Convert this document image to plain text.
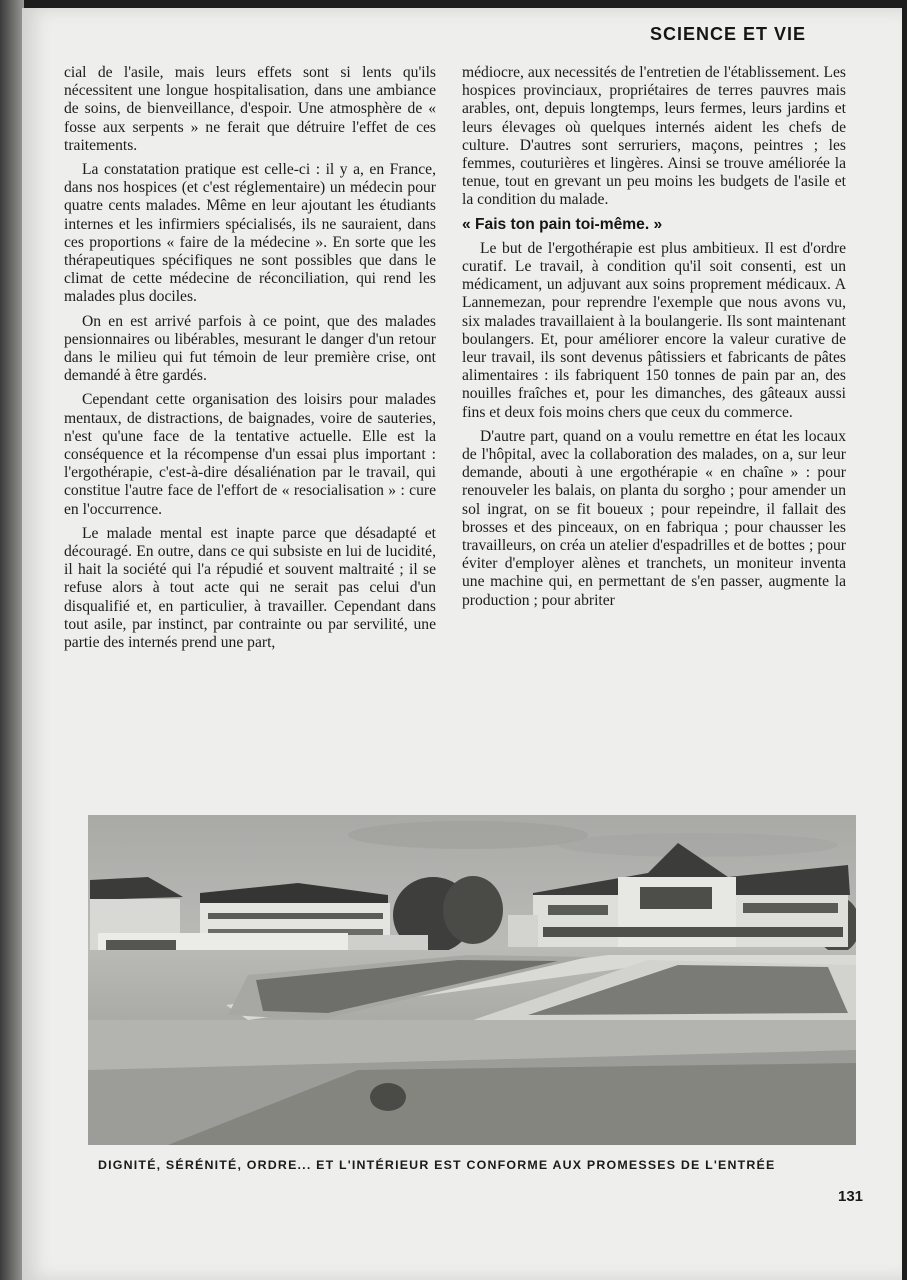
SCIENCE ET VIE

cial de l'asile, mais leurs effets sont si lents qu'ils nécessitent une longue hospitalisation, dans une ambiance de soins, de bienveillance, d'espoir. Une atmosphère de « fosse aux serpents » ne ferait que détruire l'effet de ces traitements.

La constatation pratique est celle-ci : il y a, en France, dans nos hospices (et c'est réglementaire) un médecin pour quatre cents malades. Même en leur ajoutant les étudiants internes et les infirmiers spécialisés, ils ne sauraient, dans ces proportions « faire de la médecine ». En sorte que les thérapeutiques spécifiques ne sont possibles que dans le climat de cette médecine de réconciliation, qui rend les malades plus dociles.

On en est arrivé parfois à ce point, que des malades pensionnaires ou libérables, mesurant le danger d'un retour dans le milieu qui fut témoin de leur première crise, ont demandé à être gardés.

Cependant cette organisation des loisirs pour malades mentaux, de distractions, de baignades, voire de sauteries, n'est qu'une face de la tentative actuelle. Elle est la conséquence et la récompense d'un essai plus important : l'ergothérapie, c'est-à-dire désaliénation par le travail, qui constitue l'autre face de l'effort de « resocialisation » : cure en l'occurrence.

Le malade mental est inapte parce que désadapté et découragé. En outre, dans ce qui subsiste en lui de lucidité, il hait la société qui l'a répudié et souvent maltraité ; il se refuse alors à tout acte qui ne serait pas celui d'un disqualifié et, en particulier, à travailler. Cependant dans tout asile, par instinct, par contrainte ou par servilité, une partie des internés prend une part,

médiocre, aux necessités de l'entretien de l'établissement. Les hospices provinciaux, propriétaires de terres pauvres mais arables, ont, depuis longtemps, leurs fermes, leurs jardins et leurs élevages où quelques internés aident les chefs de culture. D'autres sont serruriers, maçons, peintres ; les femmes, couturières et lingères. Ainsi se trouve améliorée la tenue, tout en grevant un peu moins les budgets de l'asile et la condition du malade.

« Fais ton pain toi-même. »

Le but de l'ergothérapie est plus ambitieux. Il est d'ordre curatif. Le travail, à condition qu'il soit consenti, est un médicament, un adjuvant aux soins proprement médicaux. A Lannemezan, pour reprendre l'exemple que nous avons vu, six malades travaillaient à la boulangerie. Ils sont maintenant boulangers. Et, pour améliorer encore la valeur curative de leur travail, ils sont devenus pâtissiers et fabricants de pâtes alimentaires : ils fabriquent 150 tonnes de pain par an, des nouilles fraîches et, pour les dimanches, des gâteaux aussi fins et deux fois moins chers que ceux du commerce.

D'autre part, quand on a voulu remettre en état les locaux de l'hôpital, avec la collaboration des malades, on a, sur leur demande, abouti à une ergothérapie « en chaîne » : pour renouveler les balais, on planta du sorgho ; pour amender un sol ingrat, on se fit boueux ; pour repeindre, il fallait des brosses et des pinceaux, on en fabriqua ; pour chausser les travailleurs, on créa un atelier d'espadrilles et de bottes ; pour éviter d'employer alènes et tranchets, un moniteur inventa une machine qui, en permettant de s'en passer, augmente la production ; pour abriter

DIGNITÉ, SÉRÉNITÉ, ORDRE... ET L'INTÉRIEUR EST CONFORME AUX PROMESSES DE L'ENTRÉE
131
